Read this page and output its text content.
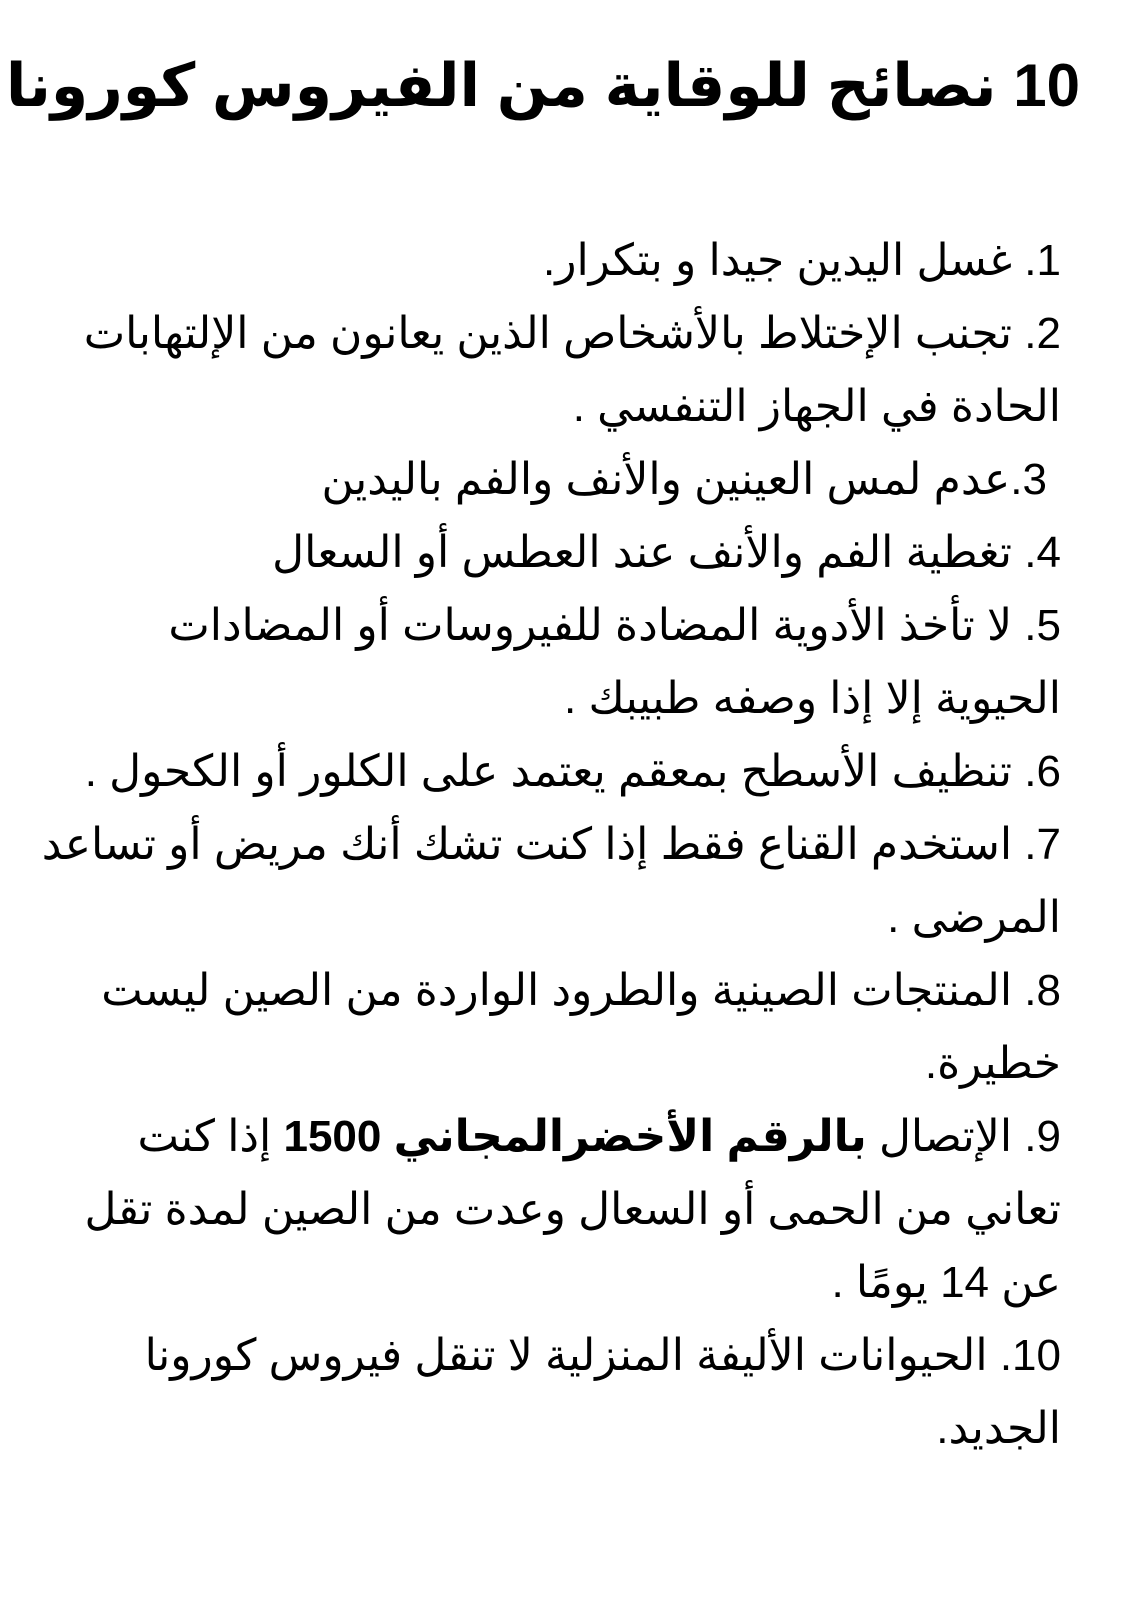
10 نصائح للوقاية من الفيروس كورونا

1. غسل اليدين جيدا و بتكرار.

2. تجنب الإختلاط بالأشخاص الذين يعانون من الإلتهابات الحادة في الجهاز التنفسي .

3.عدم لمس العينين والأنف والفم باليدين

4. تغطية الفم والأنف عند العطس أو السعال

5. لا تأخذ الأدوية المضادة للفيروسات أو المضادات الحيوية إلا إذا وصفه طبيبك .

6. تنظيف الأسطح بمعقم يعتمد على الكلور أو الكحول .

7. استخدم القناع فقط إذا كنت تشك أنك مريض أو تساعد المرضى .

8. المنتجات الصينية والطرود الواردة من الصين ليست خطيرة.

9. الإتصال بالرقم الأخضرالمجاني 1500 إذا كنت تعاني من الحمى أو السعال وعدت من الصين لمدة تقل عن 14 يومًا .

10. الحيوانات الأليفة المنزلية لا تنقل فيروس كورونا الجديد.
